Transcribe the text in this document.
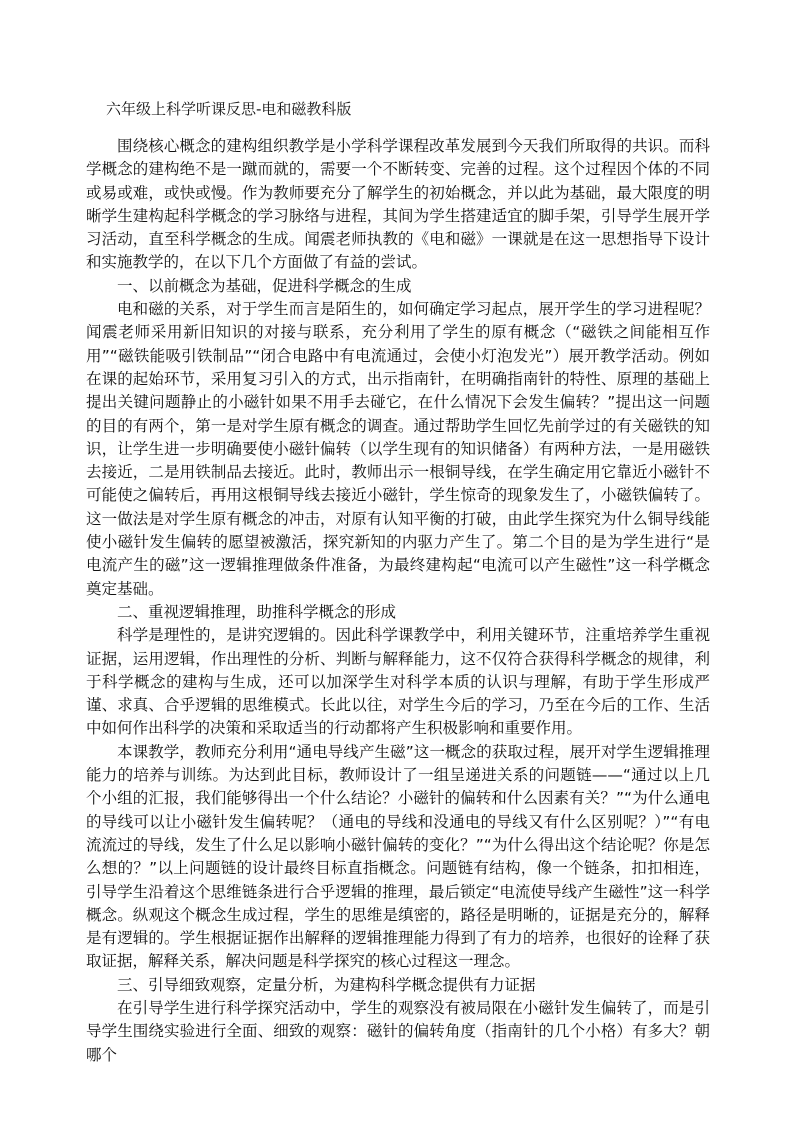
六年级上科学听课反思-电和磁教科版

围绕核心概念的建构组织教学是小学科学课程改革发展到今天我们所取得的共识。而科学概念的建构绝不是一蹴而就的，需要一个不断转变、完善的过程。这个过程因个体的不同或易或难，或快或慢。作为教师要充分了解学生的初始概念，并以此为基础，最大限度的明晰学生建构起科学概念的学习脉络与进程，其间为学生搭建适宜的脚手架，引导学生展开学习活动，直至科学概念的生成。闻震老师执教的《电和磁》一课就是在这一思想指导下设计和实施教学的，在以下几个方面做了有益的尝试。

一、以前概念为基础，促进科学概念的生成

电和磁的关系，对于学生而言是陌生的，如何确定学习起点，展开学生的学习进程呢？闻震老师采用新旧知识的对接与联系，充分利用了学生的原有概念（“磁铁之间能相互作用”“磁铁能吸引铁制品”“闭合电路中有电流通过，会使小灯泡发光”）展开教学活动。例如在课的起始环节，采用复习引入的方式，出示指南针，在明确指南针的特性、原理的基础上提出关键问题静止的小磁针如果不用手去碰它，在什么情况下会发生偏转？”提出这一问题的目的有两个，第一是对学生原有概念的调查。通过帮助学生回忆先前学过的有关磁铁的知识，让学生进一步明确要使小磁针偏转（以学生现有的知识储备）有两种方法，一是用磁铁去接近，二是用铁制品去接近。此时，教师出示一根铜导线，在学生确定用它靠近小磁针不可能使之偏转后，再用这根铜导线去接近小磁针，学生惊奇的现象发生了，小磁铁偏转了。这一做法是对学生原有概念的冲击，对原有认知平衡的打破，由此学生探究为什么铜导线能使小磁针发生偏转的愿望被激活，探究新知的内驱力产生了。第二个目的是为学生进行“是电流产生的磁”这一逻辑推理做条件准备，为最终建构起“电流可以产生磁性”这一科学概念奠定基础。

二、重视逻辑推理，助推科学概念的形成

科学是理性的，是讲究逻辑的。因此科学课教学中，利用关键环节，注重培养学生重视证据，运用逻辑，作出理性的分析、判断与解释能力，这不仅符合获得科学概念的规律，利于科学概念的建构与生成，还可以加深学生对科学本质的认识与理解，有助于学生形成严谨、求真、合乎逻辑的思维模式。长此以往，对学生今后的学习，乃至在今后的工作、生活中如何作出科学的决策和采取适当的行动都将产生积极影响和重要作用。

本课教学，教师充分利用“通电导线产生磁”这一概念的获取过程，展开对学生逻辑推理能力的培养与训练。为达到此目标，教师设计了一组呈递进关系的问题链——“通过以上几个小组的汇报，我们能够得出一个什么结论？小磁针的偏转和什么因素有关？”“为什么通电的导线可以让小磁针发生偏转呢？（通电的导线和没通电的导线又有什么区别呢？）”“有电流流过的导线，发生了什么足以影响小磁针偏转的变化？”“为什么得出这个结论呢？你是怎么想的？”以上问题链的设计最终目标直指概念。问题链有结构，像一个链条，扣扣相连，引导学生沿着这个思维链条进行合乎逻辑的推理，最后锁定“电流使导线产生磁性”这一科学概念。纵观这个概念生成过程，学生的思维是缜密的，路径是明晰的，证据是充分的，解释是有逻辑的。学生根据证据作出解释的逻辑推理能力得到了有力的培养，也很好的诠释了获取证据，解释关系，解决问题是科学探究的核心过程这一理念。

三、引导细致观察，定量分析，为建构科学概念提供有力证据

在引导学生进行科学探究活动中，学生的观察没有被局限在小磁针发生偏转了，而是引导学生围绕实验进行全面、细致的观察：磁针的偏转角度（指南针的几个小格）有多大？朝哪个
